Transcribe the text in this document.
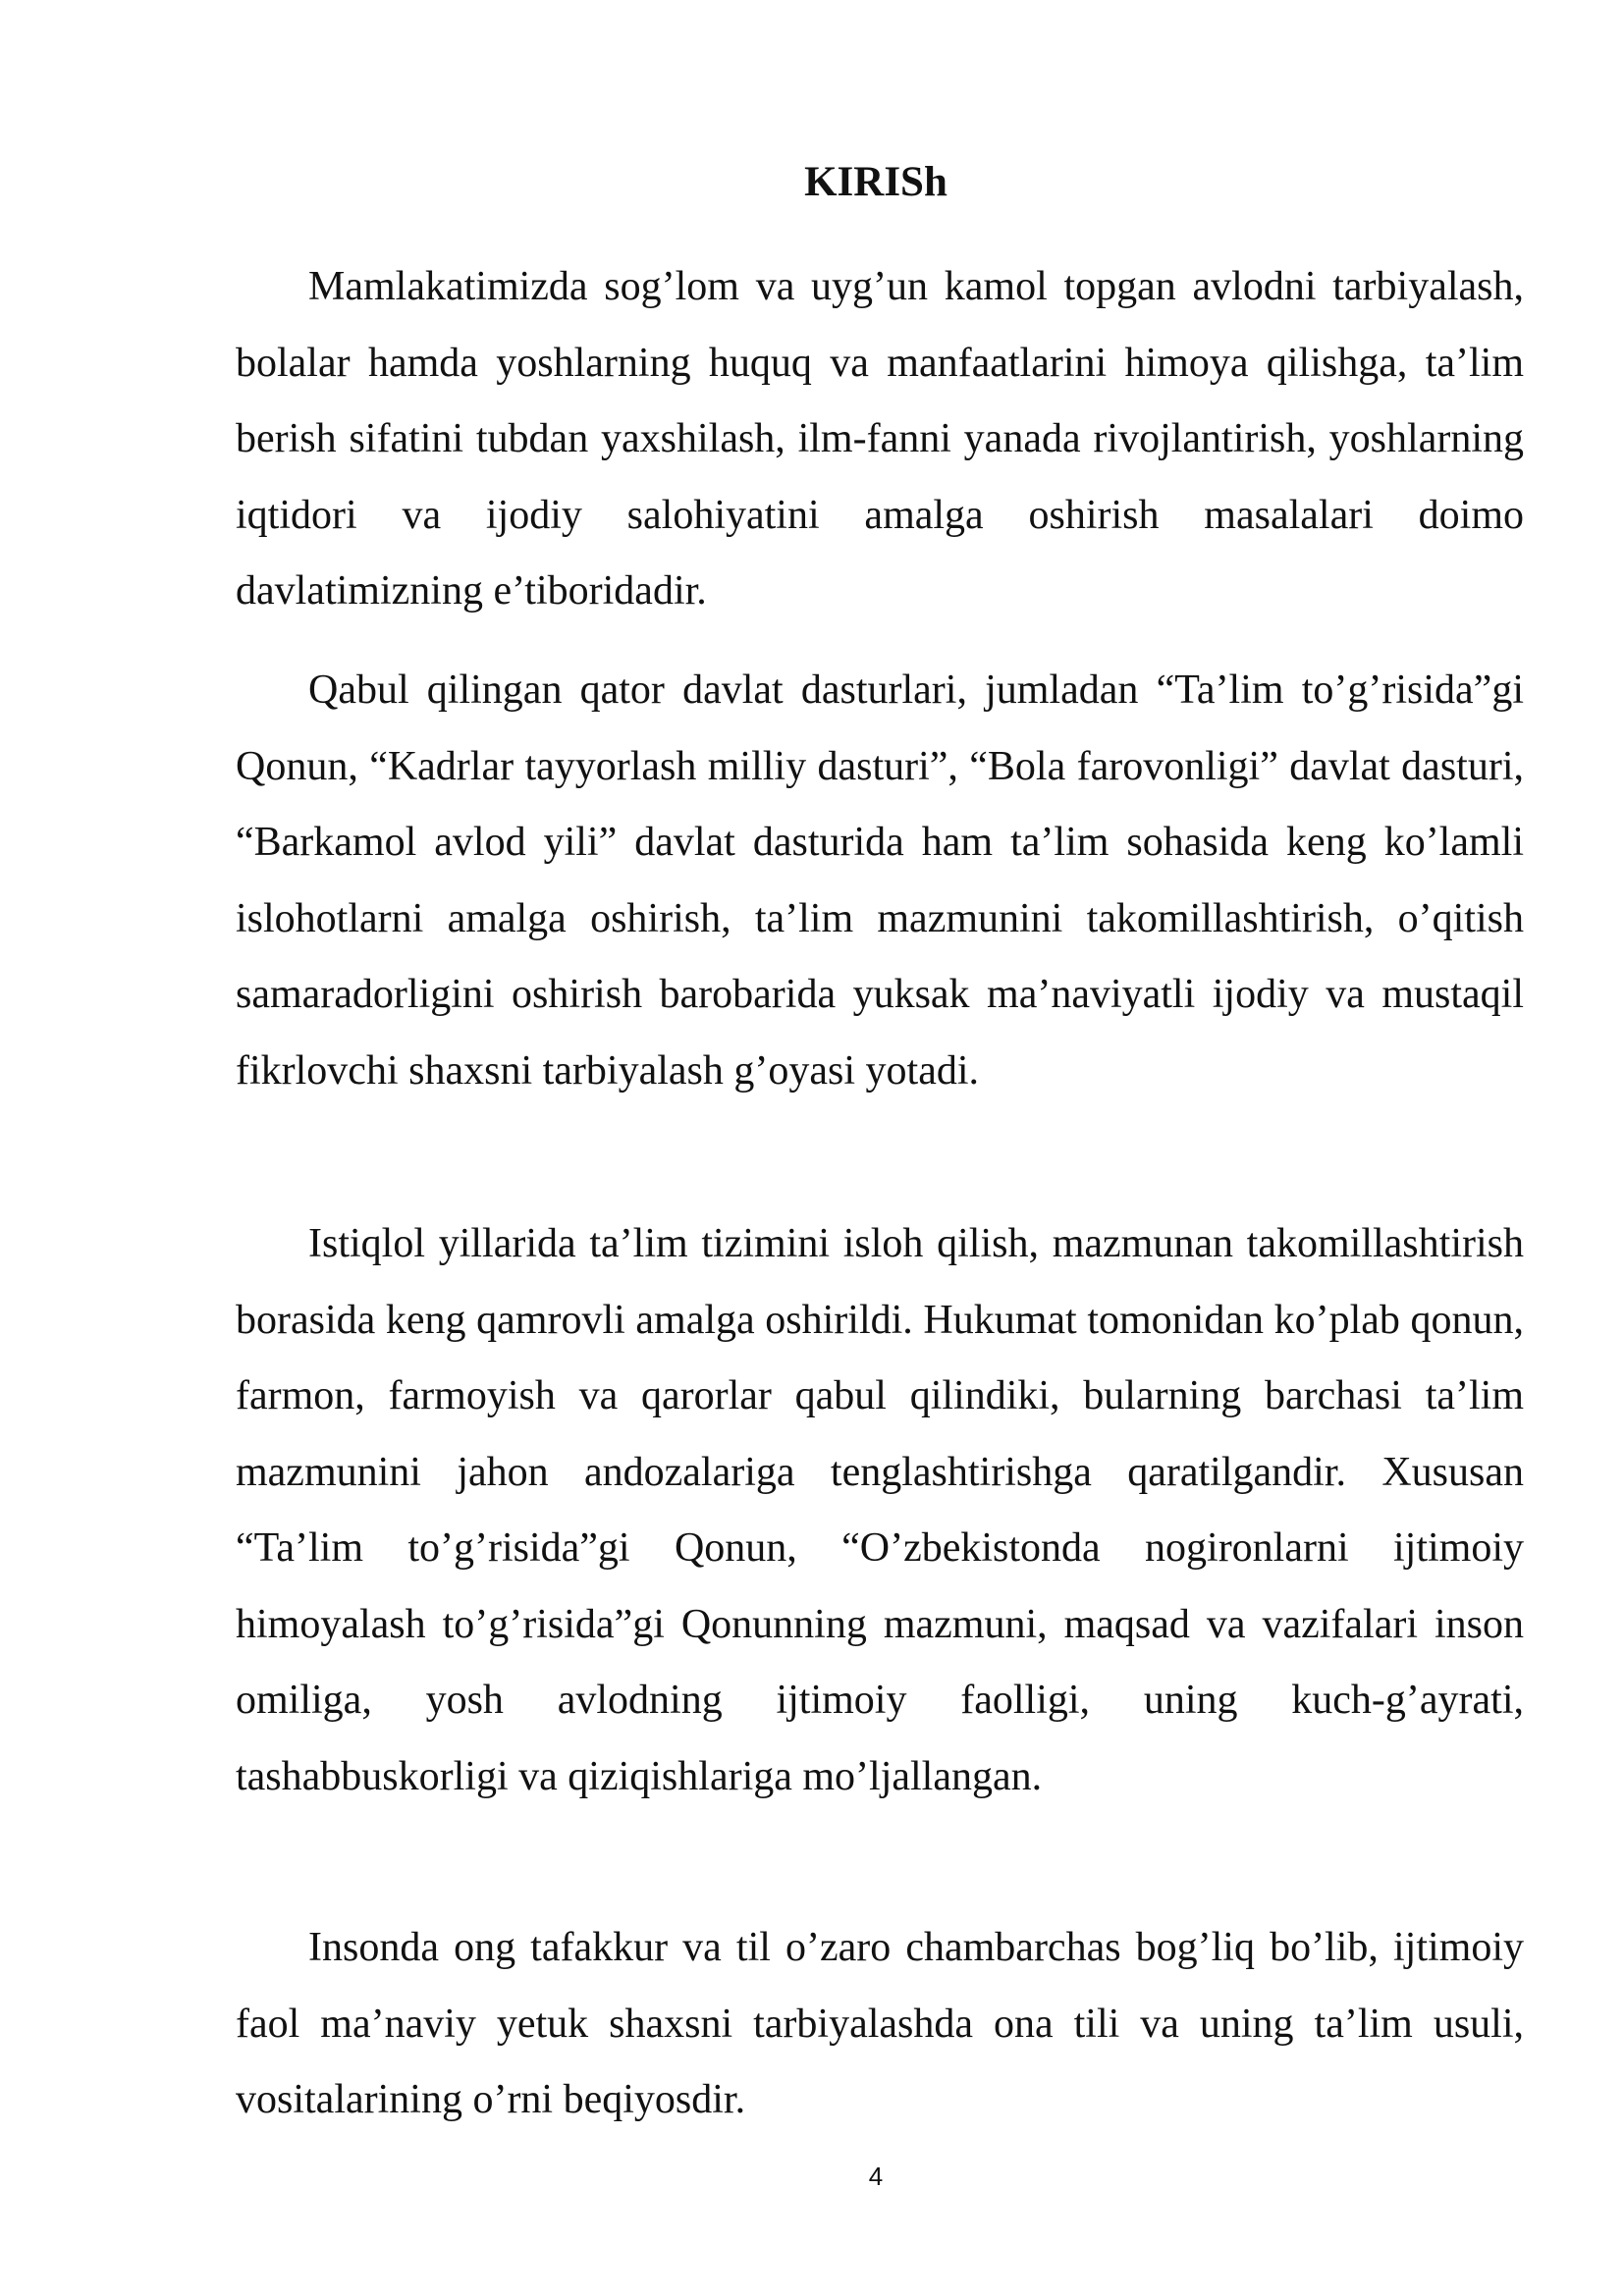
KIRISh

Mamlakatimizda sog’lom va uyg’un kamol topgan avlodni tarbiyalash, bolalar hamda yoshlarning huquq va manfaatlarini himoya qilishga, ta’lim berish sifatini tubdan yaxshilash, ilm-fanni yanada rivojlantirish, yoshlarning iqtidori va ijodiy salohiyatini amalga oshirish masalalari doimo davlatimizning e’tiboridadir.

Qabul qilingan qator davlat dasturlari, jumladan “Ta’lim to’g’risida”gi Qonun, “Kadrlar tayyorlash milliy dasturi”, “Bola farovonligi” davlat dasturi, “Barkamol avlod yili” davlat dasturida ham ta’lim sohasida keng ko’lamli islohotlarni amalga oshirish, ta’lim mazmunini takomillashtirish, o’qitish samaradorligini oshirish barobarida yuksak ma’naviyatli ijodiy va mustaqil fikrlovchi shaxsni tarbiyalash g’oyasi yotadi.

Istiqlol yillarida ta’lim tizimini isloh qilish, mazmunan takomillashtirish borasida keng qamrovli amalga oshirildi. Hukumat tomonidan ko’plab qonun, farmon, farmoyish va qarorlar qabul qilindiki, bularning barchasi ta’lim mazmunini jahon andozalariga tenglashtirishga qaratilgandir. Xususan “Ta’lim to’g’risida”gi Qonun, “O’zbekistonda nogironlarni ijtimoiy himoyalash to’g’risida”gi Qonunning mazmuni, maqsad va vazifalari inson omiliga, yosh avlodning ijtimoiy faolligi, uning kuch-g’ayrati, tashabbuskorligi va qiziqishlariga mo’ljallangan.

Insonda ong tafakkur va til o’zaro chambarchas bog’liq bo’lib, ijtimoiy faol ma’naviy yetuk shaxsni tarbiyalashda ona tili va uning ta’lim usuli, vositalarining o’rni beqiyosdir.

4
